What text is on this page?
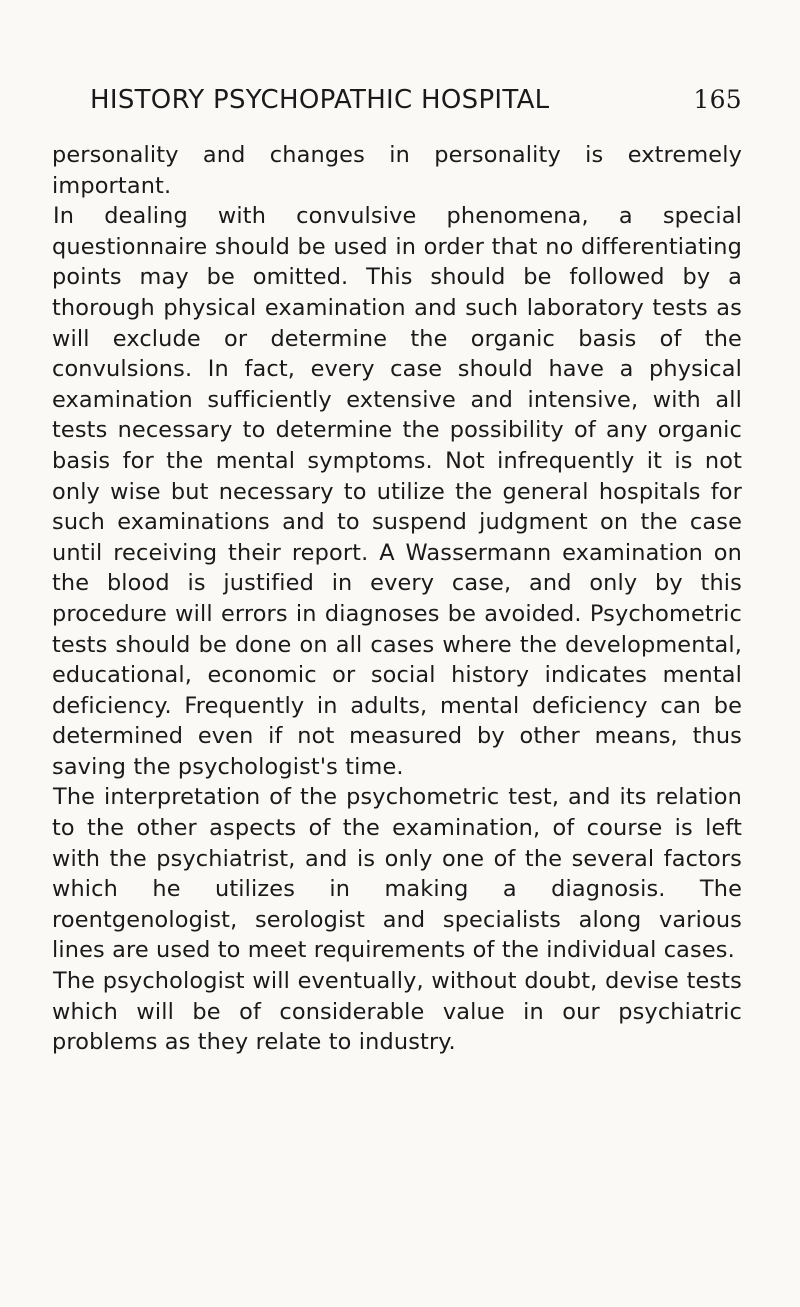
HISTORY PSYCHOPATHIC HOSPITAL	165

personality and changes in personality is extremely important.

In dealing with convulsive phenomena, a special questionnaire should be used in order that no differentiating points may be omitted. This should be followed by a thorough physical examination and such laboratory tests as will exclude or determine the organic basis of the convulsions. In fact, every case should have a physical examination sufficiently extensive and intensive, with all tests necessary to determine the possibility of any organic basis for the mental symptoms. Not infrequently it is not only wise but necessary to utilize the general hospitals for such examinations and to suspend judgment on the case until receiving their report. A Wassermann examination on the blood is justified in every case, and only by this procedure will errors in diagnoses be avoided. Psychometric tests should be done on all cases where the developmental, educational, economic or social history indicates mental deficiency. Frequently in adults, mental deficiency can be determined even if not measured by other means, thus saving the psychologist's time.

The interpretation of the psychometric test, and its relation to the other aspects of the examination, of course is left with the psychiatrist, and is only one of the several factors which he utilizes in making a diagnosis. The roentgenologist, serologist and specialists along various lines are used to meet requirements of the individual cases.

The psychologist will eventually, without doubt, devise tests which will be of considerable value in our psychiatric problems as they relate to industry.
